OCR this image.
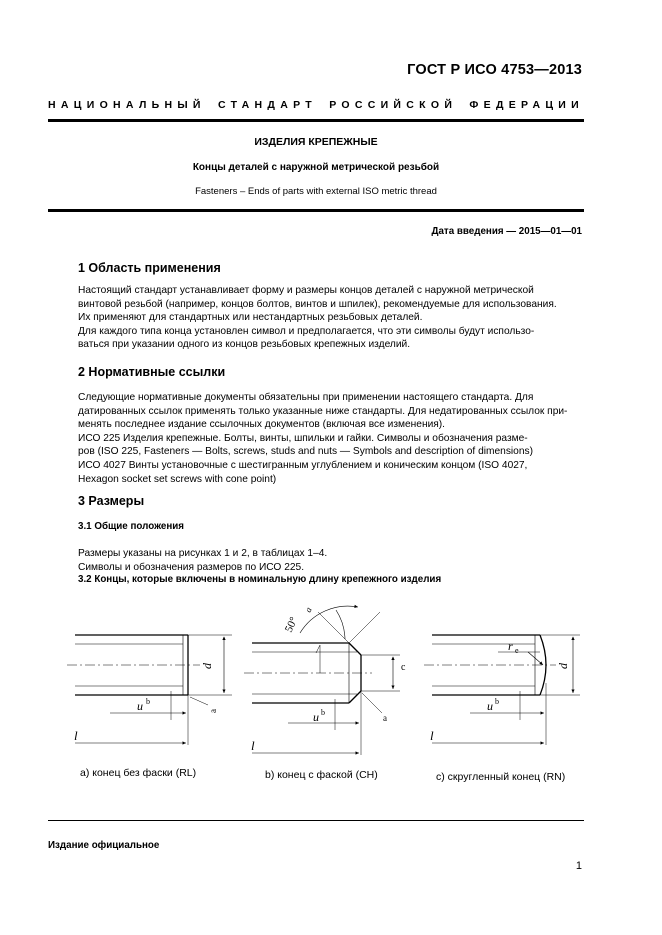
ГОСТ Р ИСО 4753—2013
НАЦИОНАЛЬНЫЙ СТАНДАРТ РОССИЙСКОЙ ФЕДЕРАЦИИ
ИЗДЕЛИЯ КРЕПЕЖНЫЕ
Концы деталей с наружной метрической резьбой
Fasteners – Ends of parts with external ISO metric thread
Дата введения — 2015—01—01
1 Область применения

Настоящий стандарт устанавливает форму и размеры концов деталей с наружной метрической

винтовой резьбой (например, концов болтов, винтов и шпилек), рекомендуемые для использования.

Их применяют для стандартных или нестандартных резьбовых деталей.

Для каждого типа конца установлен символ и предполагается, что эти символы будут использо-

ваться при указании одного из концов резьбовых крепежных изделий.

2 Нормативные ссылки

Следующие нормативные документы обязательны при применении настоящего стандарта. Для

датированных ссылок применять только указанные ниже стандарты. Для недатированных ссылок при-

менять последнее издание ссылочных документов (включая все изменения).

ИСО 225 Изделия крепежные. Болты, винты, шпильки и гайки. Символы и обозначения разме-

ров (ISO 225, Fasteners — Bolts, screws, studs and nuts — Symbols and description of dimensions)

ИСО 4027 Винты установочные с шестигранным углублением и коническим концом (ISO 4027,

Hexagon socket set screws with cone point)

3 Размеры
3.1 Общие положения
Размеры указаны на рисунках 1 и 2, в таблицах 1–4.
Символы и обозначения размеров по ИСО 225.
3.2 Концы, которые включены в номинальную длину крепежного изделия
d
a
u b
l
50°
a
c
a
u b
l
r e
d
u b
l
а) конец без фаски (RL)	b) конец с фаской (CH)	c) скругленный конец (RN)
Издание официальное
1
